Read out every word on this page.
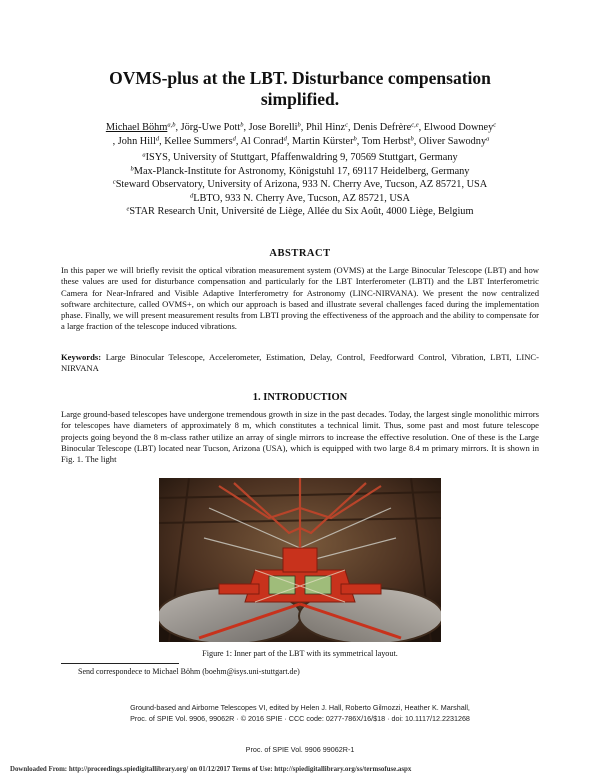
OVMS-plus at the LBT. Disturbance compensation
simplified.
Michael Böhm$^{a,b}$, Jörg-Uwe Pott$^b$, Jose Borelli$^b$, Phil Hinz$^c$, Denis Defrère$^{c,e}$, Elwood Downey$^c$
, John Hill$^d$, Kellee Summers$^d$, Al Conrad$^d$, Martin Kürster$^b$, Tom Herbst$^b$, Oliver Sawodny$^a$
$^a$ISYS, University of Stuttgart, Pfaffenwaldring 9, 70569 Stuttgart, Germany
$^b$Max-Planck-Institute for Astronomy, Königstuhl 17, 69117 Heidelberg, Germany
$^c$Steward Observatory, University of Arizona, 933 N. Cherry Ave, Tucson, AZ 85721, USA
$^d$LBTO, 933 N. Cherry Ave, Tucson, AZ 85721, USA
$^e$STAR Research Unit, Université de Liège, Allée du Six Août, 4000 Liège, Belgium
ABSTRACT
In this paper we will briefly revisit the optical vibration measurement system (OVMS) at the Large Binocular Telescope (LBT) and how these values are used for disturbance compensation and particularly for the LBT Interferometer (LBTI) and the LBT Interferometric Camera for Near-Infrared and Visible Adaptive Interferometry for Astronomy (LINC-NIRVANA). We present the now centralized software architecture, called OVMS+, on which our approach is based and illustrate several challenges faced during the implementation phase. Finally, we will present measurement results from LBTI proving the effectiveness of the approach and the ability to compensate for a large fraction of the telescope induced vibrations.
Keywords: Large Binocular Telescope, Accelerometer, Estimation, Delay, Control, Feedforward Control, Vibration, LBTI, LINC-NIRVANA
1. INTRODUCTION
Large ground-based telescopes have undergone tremendous growth in size in the past decades. Today, the largest single monolithic mirrors for telescopes have diameters of approximately 8 m, which constitutes a technical limit. Thus, some past and most future telescope projects going beyond the 8 m-class rather utilize an array of single mirrors to increase the effective resolution. One of these is the Large Binocular Telescope (LBT) located near Tucson, Arizona (USA), which is equipped with two large 8.4 m primary mirrors. It is shown in Fig. 1. The light
Figure 1: Inner part of the LBT with its symmetrical layout.
Send correspondece to Michael Böhm (boehm@isys.uni-stuttgart.de)
Ground-based and Airborne Telescopes VI, edited by Helen J. Hall, Roberto Gilmozzi, Heather K. Marshall,
Proc. of SPIE Vol. 9906, 99062R · © 2016 SPIE · CCC code: 0277-786X/16/$18 · doi: 10.1117/12.2231268
Proc. of SPIE Vol. 9906 99062R-1
Downloaded From: http://proceedings.spiedigitallibrary.org/ on 01/12/2017 Terms of Use: http://spiedigitallibrary.org/ss/termsofuse.aspx
